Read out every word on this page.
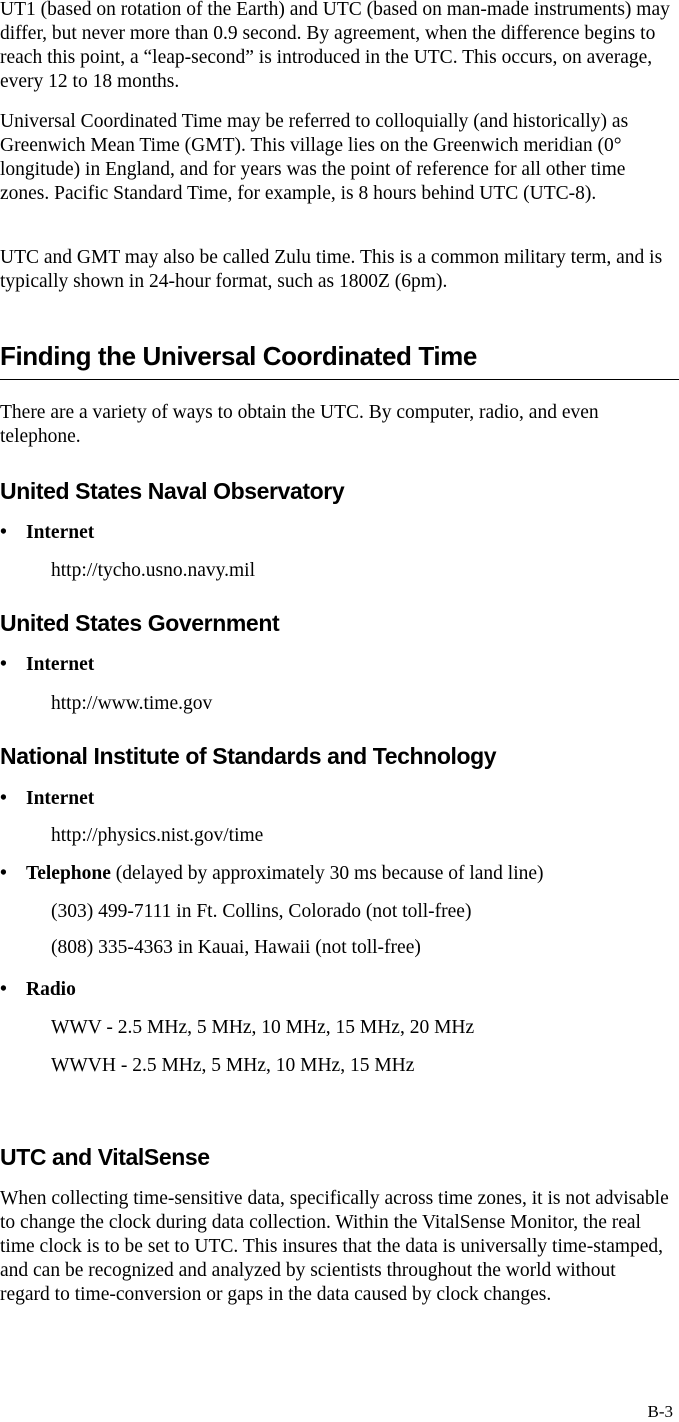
UT1 (based on rotation of the Earth) and UTC (based on man-made instruments) may differ, but never more than 0.9 second. By agreement, when the difference begins to reach this point, a “leap-second” is introduced in the UTC. This occurs, on average, every 12 to 18 months.

Universal Coordinated Time may be referred to colloquially (and historically) as Greenwich Mean Time (GMT). This village lies on the Greenwich meridian (0° longitude) in England, and for years was the point of reference for all other time zones. Pacific Standard Time, for example, is 8 hours behind UTC (UTC-8).

UTC and GMT may also be called Zulu time. This is a common military term, and is typically shown in 24-hour format, such as 1800Z (6pm).

Finding the Universal Coordinated Time

There are a variety of ways to obtain the UTC. By computer, radio, and even telephone.

United States Naval Observatory

• Internet

http://tycho.usno.navy.mil

United States Government

• Internet

http://www.time.gov

National Institute of Standards and Technology

• Internet

http://physics.nist.gov/time

• Telephone (delayed by approximately 30 ms because of land line)

(303) 499-7111 in Ft. Collins, Colorado (not toll-free)

(808) 335-4363 in Kauai, Hawaii (not toll-free)

• Radio

WWV - 2.5 MHz, 5 MHz, 10 MHz, 15 MHz, 20 MHz

WWVH - 2.5 MHz, 5 MHz, 10 MHz, 15 MHz

UTC and VitalSense

When collecting time-sensitive data, specifically across time zones, it is not advisable to change the clock during data collection. Within the VitalSense Monitor, the real time clock is to be set to UTC. This insures that the data is universally time-stamped, and can be recognized and analyzed by scientists throughout the world without regard to time-conversion or gaps in the data caused by clock changes.

B-3
